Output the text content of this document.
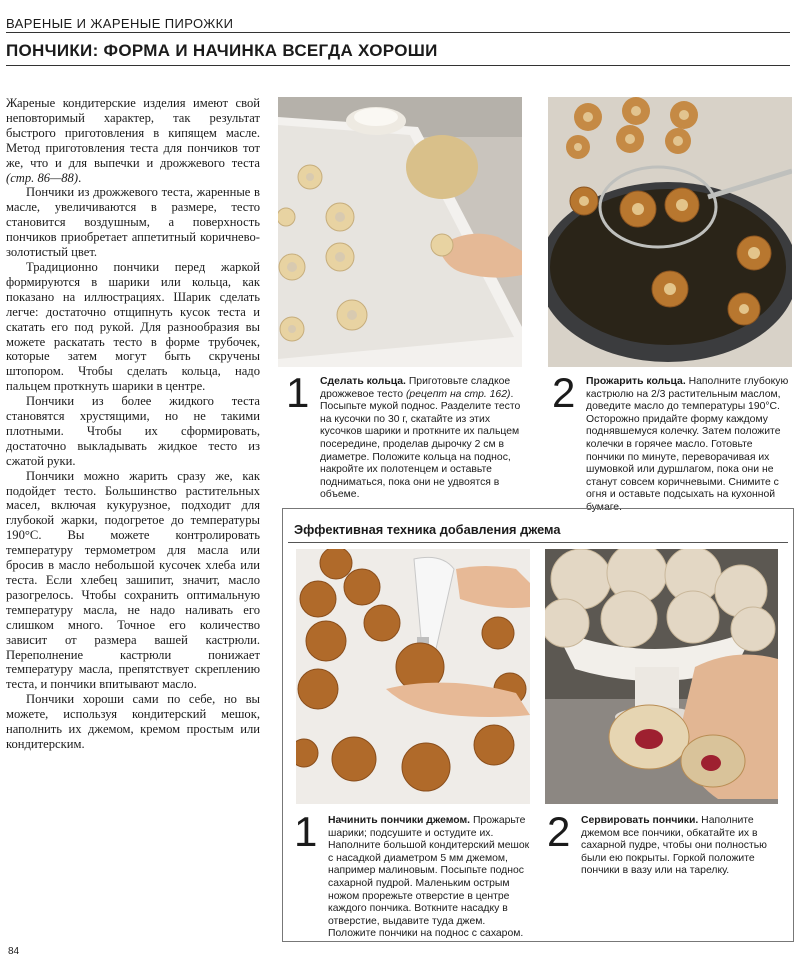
ВАРЕНЫЕ И ЖАРЕНЫЕ ПИРОЖКИ
ПОНЧИКИ: ФОРМА И НАЧИНКА ВСЕГДА ХОРОШИ

Жареные кондитерские изделия имеют свой неповторимый характер, так результат быстрого приготовления в кипящем масле. Метод приготовления теста для пончиков тот же, что и для выпечки и дрожжевого теста (стр. 86—88).

Пончики из дрожжевого теста, жаренные в масле, увеличиваются в размере, тесто становится воздушным, а поверхность пончиков приобретает аппетитный коричнево-золотистый цвет.

Традиционно пончики перед жаркой формируются в шарики или кольца, как показано на иллюстрациях. Шарик сделать легче: достаточно отщипнуть кусок теста и скатать его под рукой. Для разнообразия вы можете раскатать тесто в форме трубочек, которые затем могут быть скручены штопором. Чтобы сделать кольца, надо пальцем проткнуть шарики в центре.

Пончики из более жидкого теста становятся хрустящими, но не такими плотными. Чтобы их сформировать, достаточно выкладывать жидкое тесто из сжатой руки.

Пончики можно жарить сразу же, как подойдет тесто. Большинство растительных масел, включая кукурузное, подходит для глубокой жарки, подогретое до температуры 190°С. Вы можете контролировать температуру термометром для масла или бросив в масло небольшой кусочек хлеба или теста. Если хлебец зашипит, значит, масло разогрелось. Чтобы сохранить оптимальную температуру масла, не надо наливать его слишком много. Точное его количество зависит от размера вашей кастрюли. Переполнение кастрюли понижает температуру масла, препятствует скреплению теста, и пончики впитывают масло.

Пончики хороши сами по себе, но вы можете, используя кондитерский мешок, наполнить их джемом, кремом простым или кондитерским.

1 Сделать кольца. Приготовьте сладкое дрожжевое тесто (рецепт на стр. 162). Посыпьте мукой поднос. Разделите тесто на кусочки по 30 г, скатайте из этих кусочков шарики и проткните их пальцем посередине, проделав дырочку 2 см в диаметре. Положите кольца на поднос, накройте их полотенцем и оставьте подниматься, пока они не удвоятся в объеме.
2 Прожарить кольца. Наполните глубокую кастрюлю на 2/3 растительным маслом, доведите масло до температуры 190°С. Осторожно придайте форму каждому поднявшемуся колечку. Затем положите колечки в горячее масло. Готовьте пончики по минуте, переворачивая их шумовкой или дуршлагом, пока они не станут совсем коричневыми. Снимите с огня и оставьте подсыхать на кухонной бумаге.
Эффективная техника добавления джема
1 Начинить пончики джемом. Прожарьте шарики; подсушите и остудите их. Наполните большой кондитерский мешок с насадкой диаметром 5 мм джемом, например малиновым. Посыпьте поднос сахарной пудрой. Маленьким острым ножом прорежьте отверстие в центре каждого пончика. Воткните насадку в отверстие, выдавите туда джем. Положите пончики на поднос с сахаром.
2 Сервировать пончики. Наполните джемом все пончики, обкатайте их в сахарной пудре, чтобы они полностью были ею покрыты. Горкой положите пончики в вазу или на тарелку.
84
